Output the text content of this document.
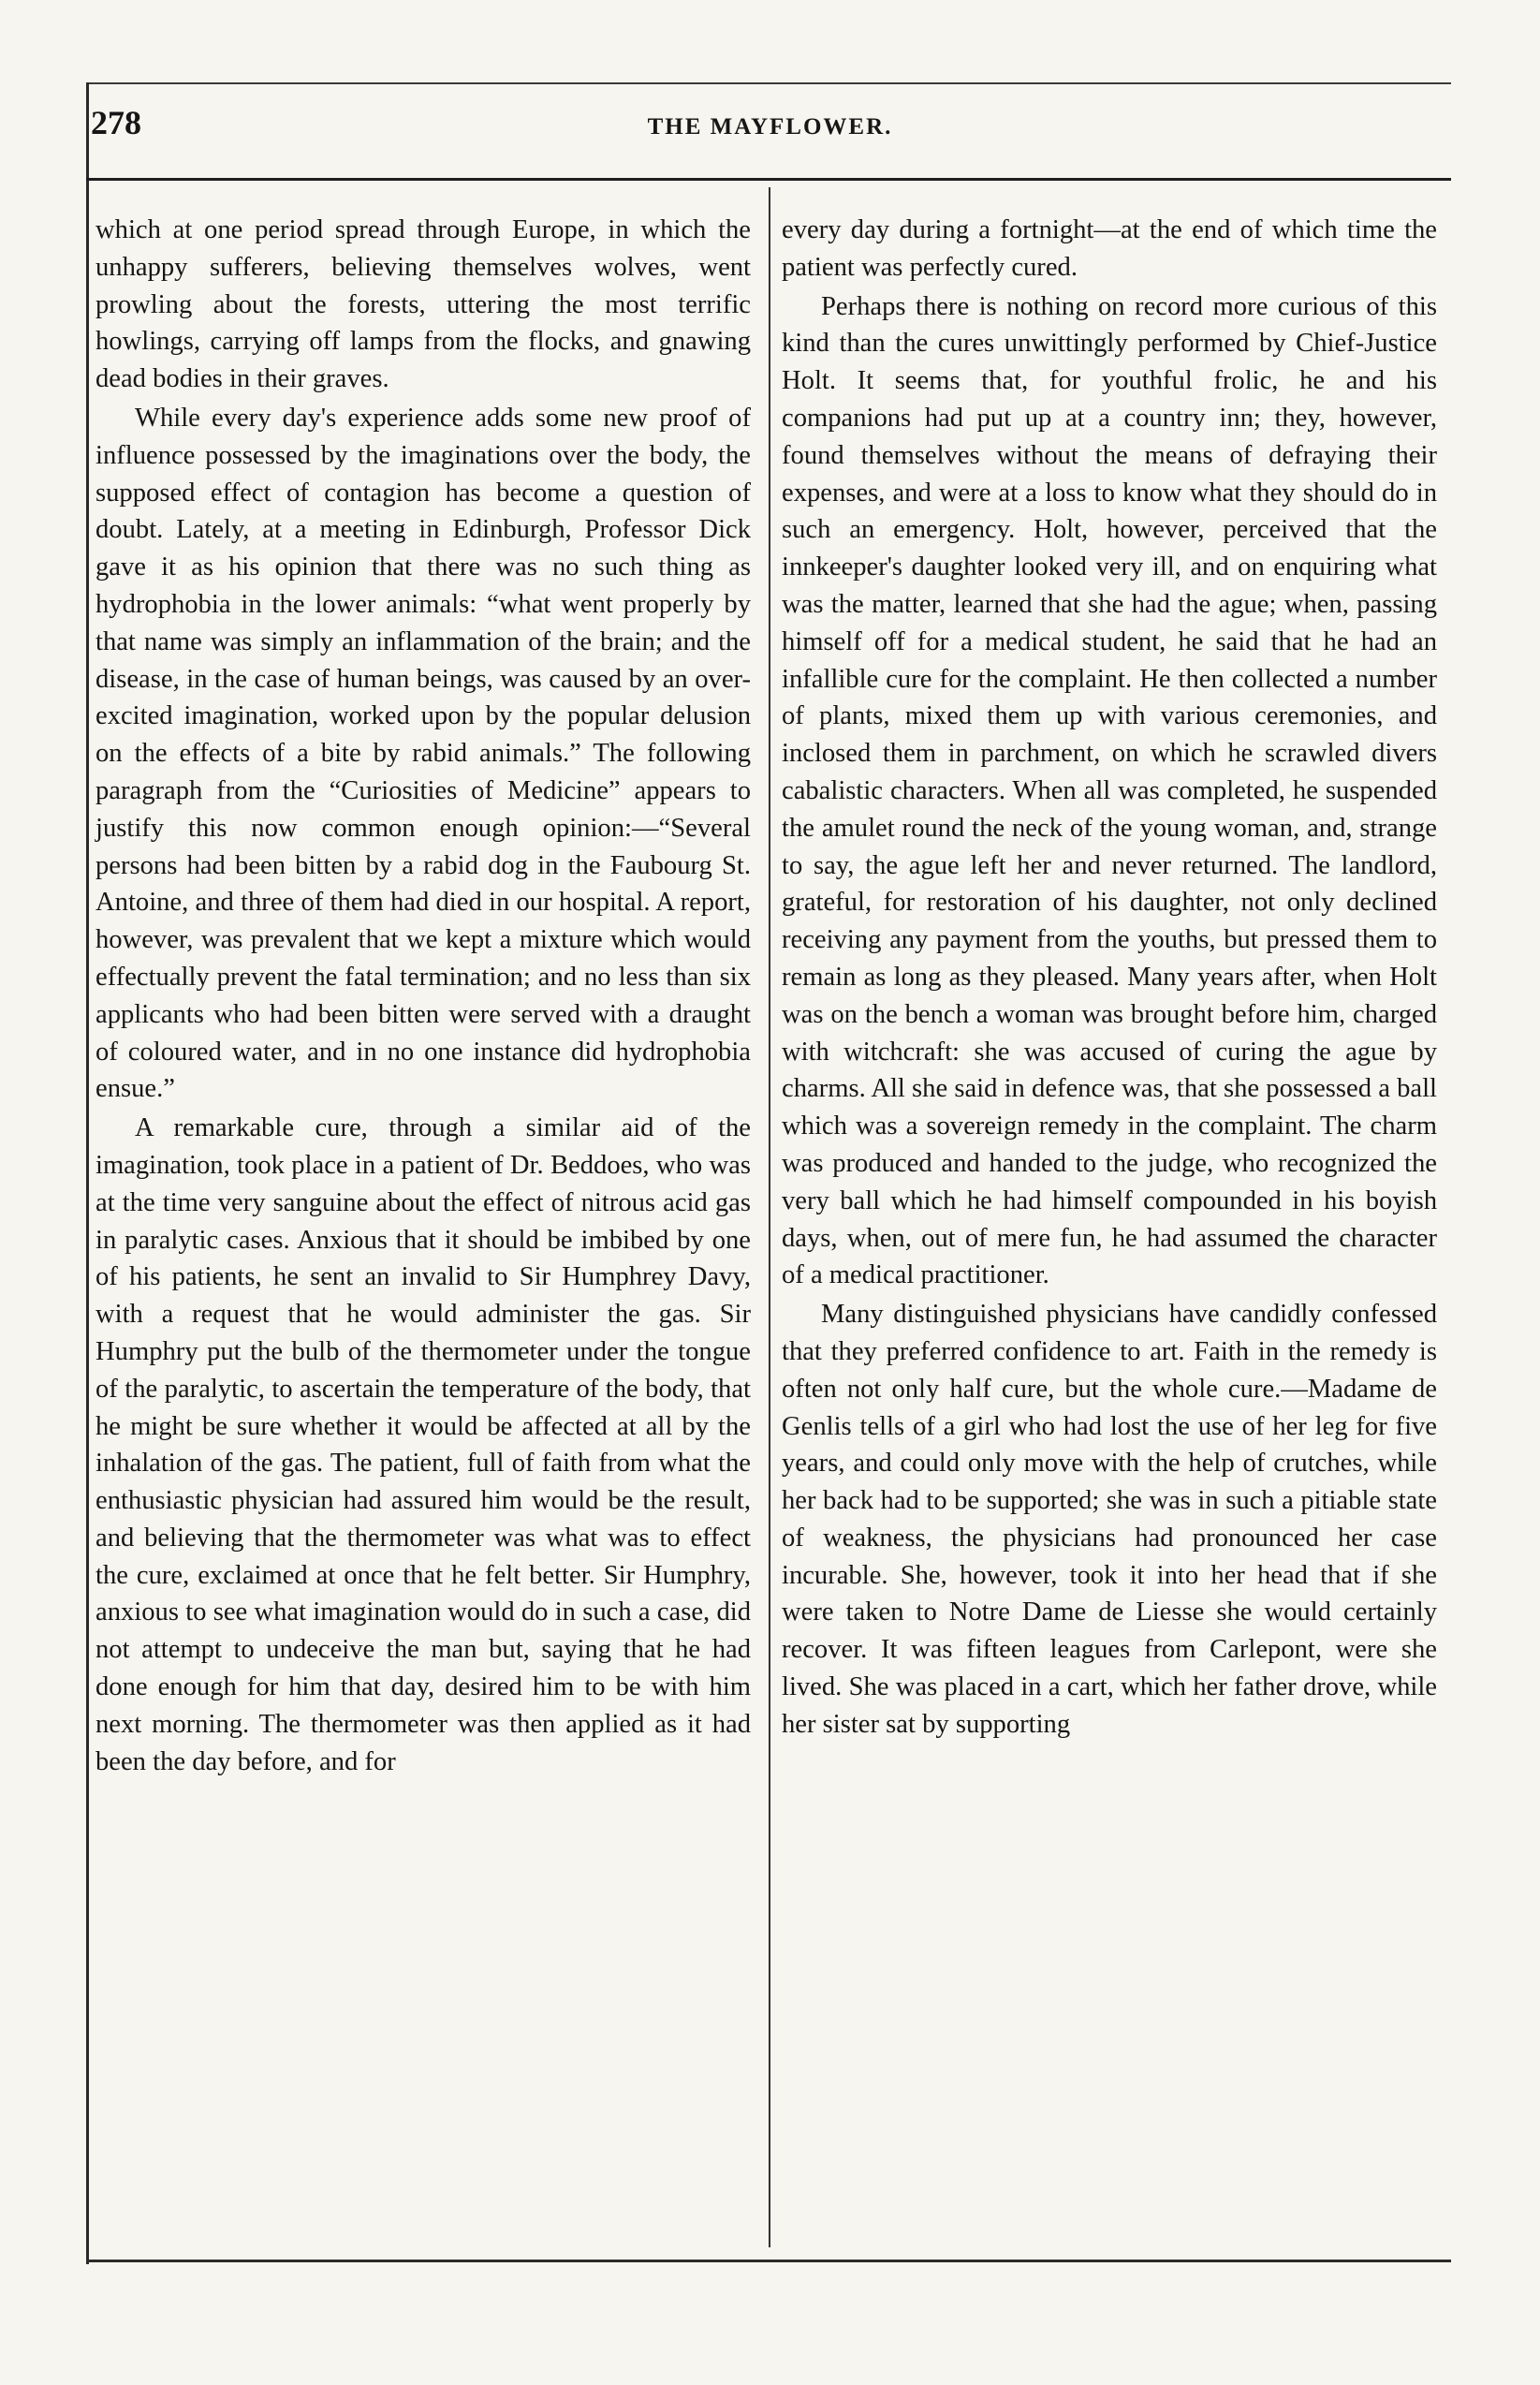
278	THE MAYFLOWER.

which at one period spread through Europe, in which the unhappy sufferers, believing themselves wolves, went prowling about the forests, uttering the most terrific howlings, carrying off lamps from the flocks, and gnawing dead bodies in their graves.

While every day's experience adds some new proof of influence possessed by the imaginations over the body, the supposed effect of contagion has become a question of doubt. Lately, at a meeting in Edinburgh, Professor Dick gave it as his opinion that there was no such thing as hydrophobia in the lower animals: “what went properly by that name was simply an inflammation of the brain; and the disease, in the case of human beings, was caused by an over-excited imagination, worked upon by the popular delusion on the effects of a bite by rabid animals.” The following paragraph from the “Curiosities of Medicine” appears to justify this now common enough opinion:—“Several persons had been bitten by a rabid dog in the Faubourg St. Antoine, and three of them had died in our hospital. A report, however, was prevalent that we kept a mixture which would effectually prevent the fatal termination; and no less than six applicants who had been bitten were served with a draught of coloured water, and in no one instance did hydrophobia ensue.”

A remarkable cure, through a similar aid of the imagination, took place in a patient of Dr. Beddoes, who was at the time very sanguine about the effect of nitrous acid gas in paralytic cases. Anxious that it should be imbibed by one of his patients, he sent an invalid to Sir Humphrey Davy, with a request that he would administer the gas. Sir Humphry put the bulb of the thermometer under the tongue of the paralytic, to ascertain the temperature of the body, that he might be sure whether it would be affected at all by the inhalation of the gas. The patient, full of faith from what the enthusiastic physician had assured him would be the result, and believing that the thermometer was what was to effect the cure, exclaimed at once that he felt better. Sir Humphry, anxious to see what imagination would do in such a case, did not attempt to undeceive the man but, saying that he had done enough for him that day, desired him to be with him next morning. The thermometer was then applied as it had been the day before, and for

every day during a fortnight—at the end of which time the patient was perfectly cured.

Perhaps there is nothing on record more curious of this kind than the cures unwittingly performed by Chief-Justice Holt. It seems that, for youthful frolic, he and his companions had put up at a country inn; they, however, found themselves without the means of defraying their expenses, and were at a loss to know what they should do in such an emergency. Holt, however, perceived that the innkeeper's daughter looked very ill, and on enquiring what was the matter, learned that she had the ague; when, passing himself off for a medical student, he said that he had an infallible cure for the complaint. He then collected a number of plants, mixed them up with various ceremonies, and inclosed them in parchment, on which he scrawled divers cabalistic characters. When all was completed, he suspended the amulet round the neck of the young woman, and, strange to say, the ague left her and never returned. The landlord, grateful, for restoration of his daughter, not only declined receiving any payment from the youths, but pressed them to remain as long as they pleased. Many years after, when Holt was on the bench a woman was brought before him, charged with witchcraft: she was accused of curing the ague by charms. All she said in defence was, that she possessed a ball which was a sovereign remedy in the complaint. The charm was produced and handed to the judge, who recognized the very ball which he had himself compounded in his boyish days, when, out of mere fun, he had assumed the character of a medical practitioner.

Many distinguished physicians have candidly confessed that they preferred confidence to art. Faith in the remedy is often not only half cure, but the whole cure.—Madame de Genlis tells of a girl who had lost the use of her leg for five years, and could only move with the help of crutches, while her back had to be supported; she was in such a pitiable state of weakness, the physicians had pronounced her case incurable. She, however, took it into her head that if she were taken to Notre Dame de Liesse she would certainly recover. It was fifteen leagues from Carlepont, were she lived. She was placed in a cart, which her father drove, while her sister sat by supporting
